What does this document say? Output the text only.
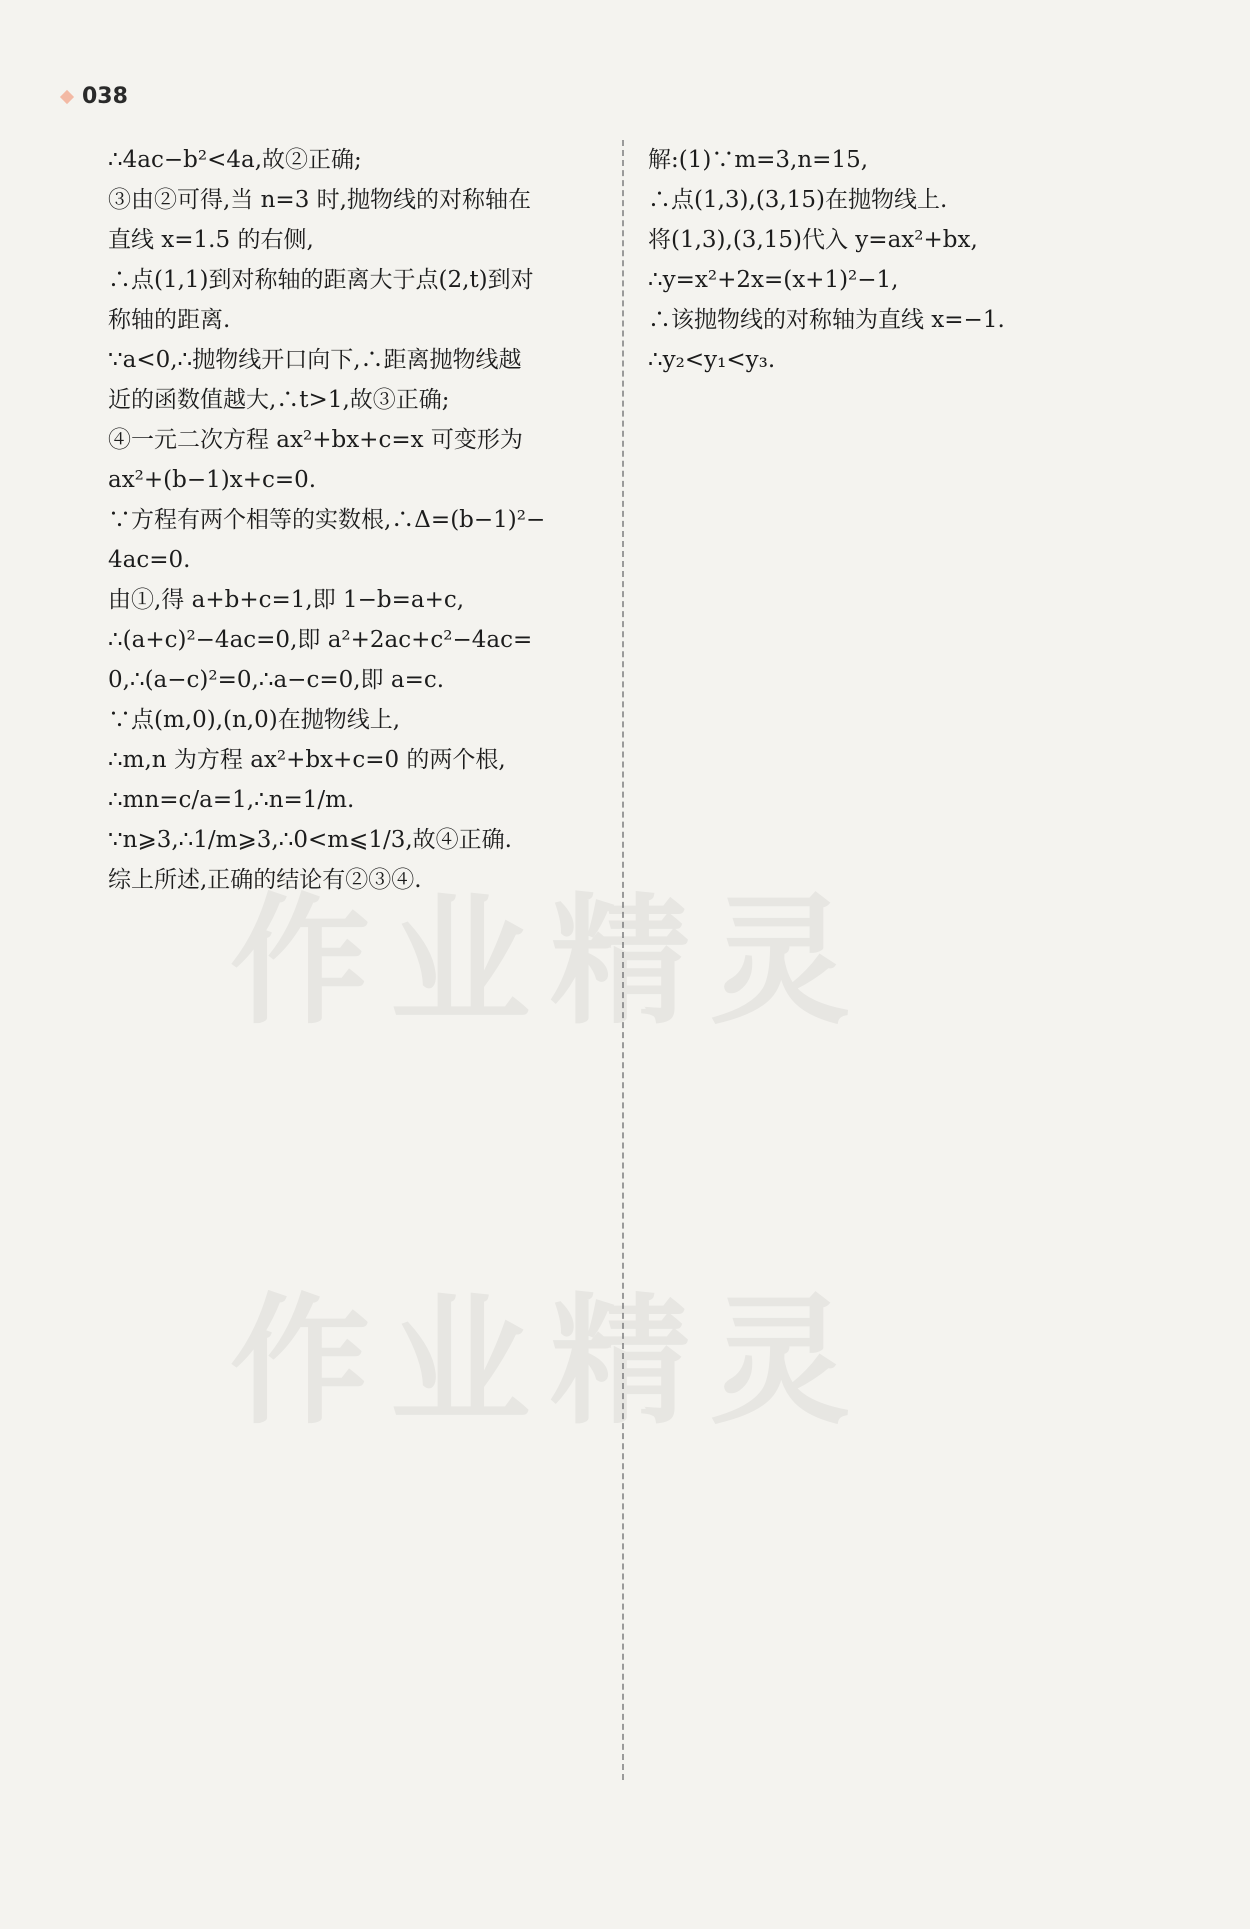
038

∴4ac−b²<4a,故②正确;

③由②可得,当 n=3 时,抛物线的对称轴在

直线 x=1.5 的右侧,

∴点(1,1)到对称轴的距离大于点(2,t)到对

称轴的距离.

∵a<0,∴抛物线开口向下,∴距离抛物线越

近的函数值越大,∴t>1,故③正确;

④一元二次方程 ax²+bx+c=x 可变形为

ax²+(b−1)x+c=0.

∵方程有两个相等的实数根,∴Δ=(b−1)²−

4ac=0.

由①,得 a+b+c=1,即 1−b=a+c,

∴(a+c)²−4ac=0,即 a²+2ac+c²−4ac=

0,∴(a−c)²=0,∴a−c=0,即 a=c.

∵点(m,0),(n,0)在抛物线上,

∴m,n 为方程 ax²+bx+c=0 的两个根,

∴mn=c/a=1,∴n=1/m.

∵n⩾3,∴1/m⩾3,∴0<m⩽1/3,故④正确.

综上所述,正确的结论有②③④.

解:(1)∵m=3,n=15,

∴点(1,3),(3,15)在抛物线上.

将(1,3),(3,15)代入 y=ax²+bx,

∴y=x²+2x=(x+1)²−1,

∴该抛物线的对称轴为直线 x=−1.

∴y₂<y₁<y₃.

作业精灵
作业精灵
